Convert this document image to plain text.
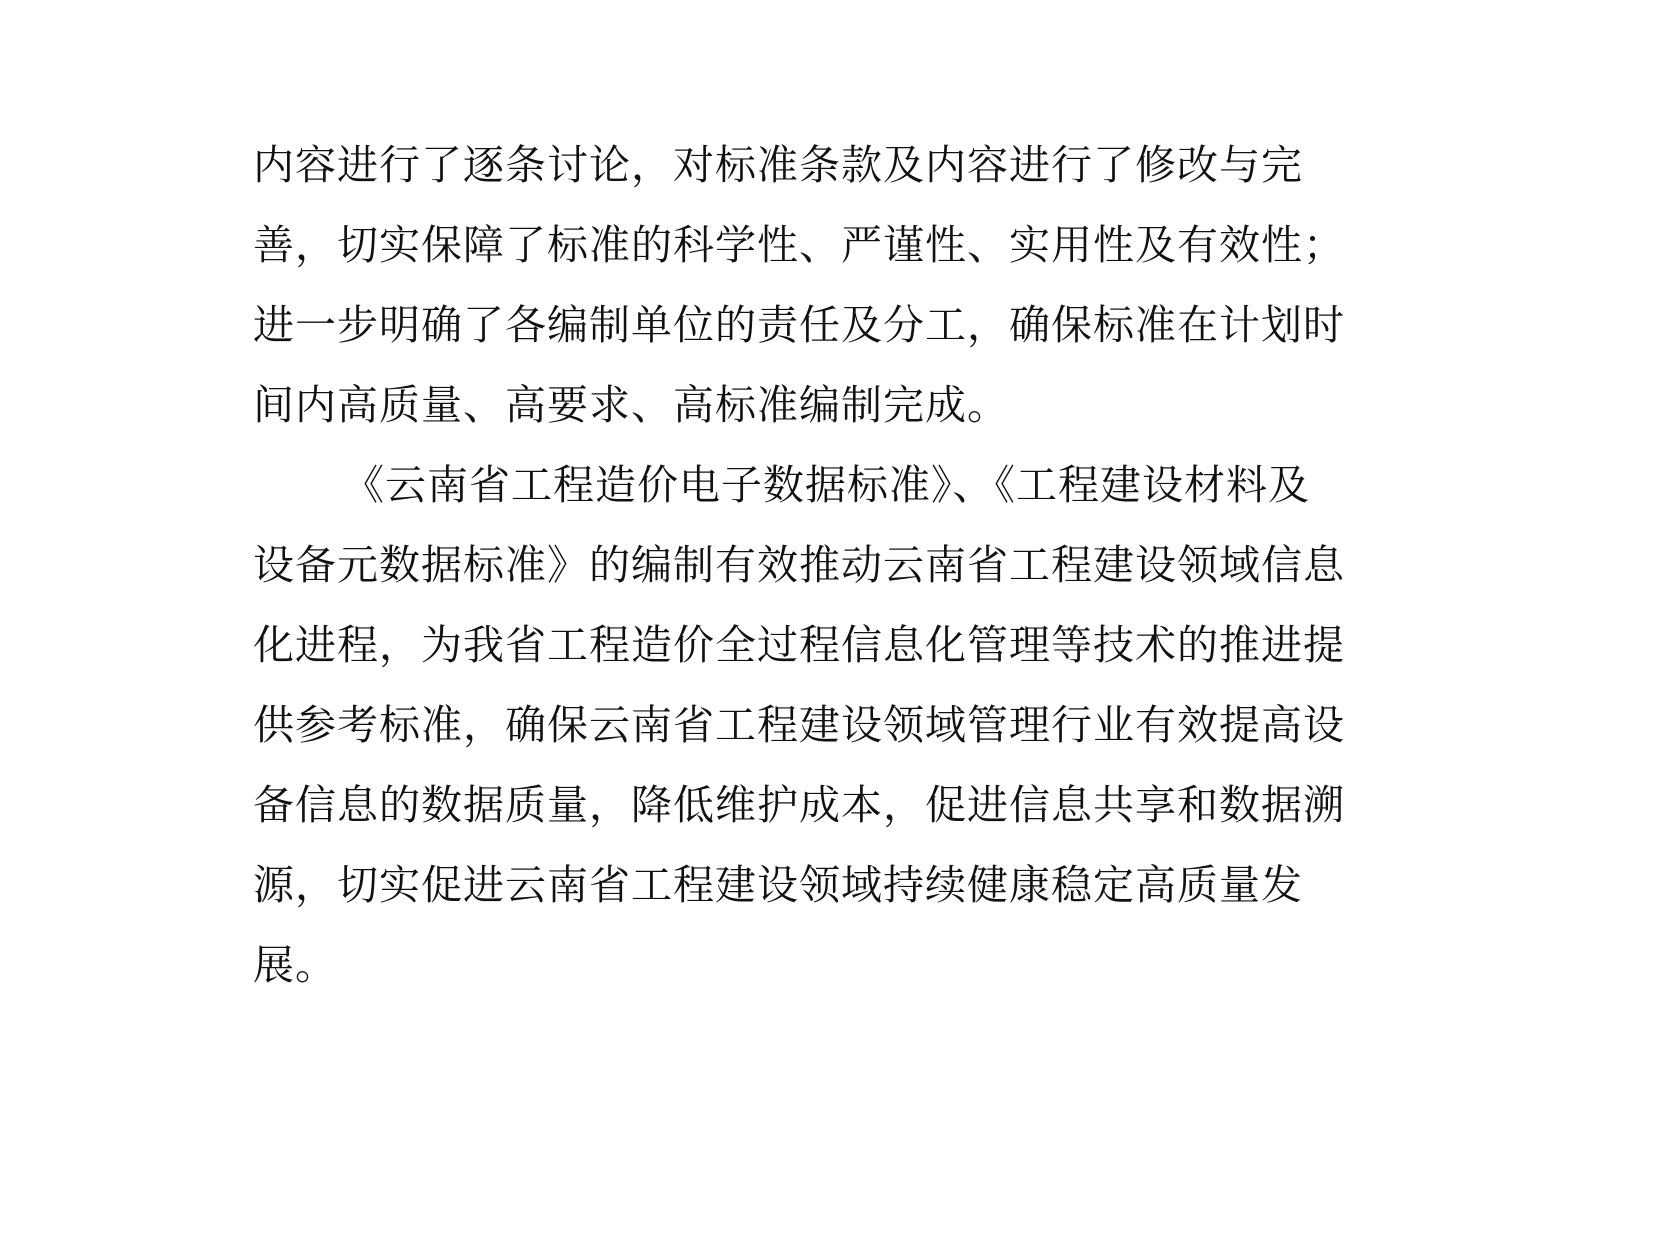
内容进行了逐条讨论，对标准条款及内容进行了修改与完
善，切实保障了标准的科学性、严谨性、实用性及有效性；
进一步明确了各编制单位的责任及分工，确保标准在计划时
间内高质量、高要求、高标准编制完成。
《云南省工程造价电子数据标准》、《工程建设材料及
设备元数据标准》的编制有效推动云南省工程建设领域信息
化进程，为我省工程造价全过程信息化管理等技术的推进提
供参考标准，确保云南省工程建设领域管理行业有效提高设
备信息的数据质量，降低维护成本，促进信息共享和数据溯
源，切实促进云南省工程建设领域持续健康稳定高质量发
展。
